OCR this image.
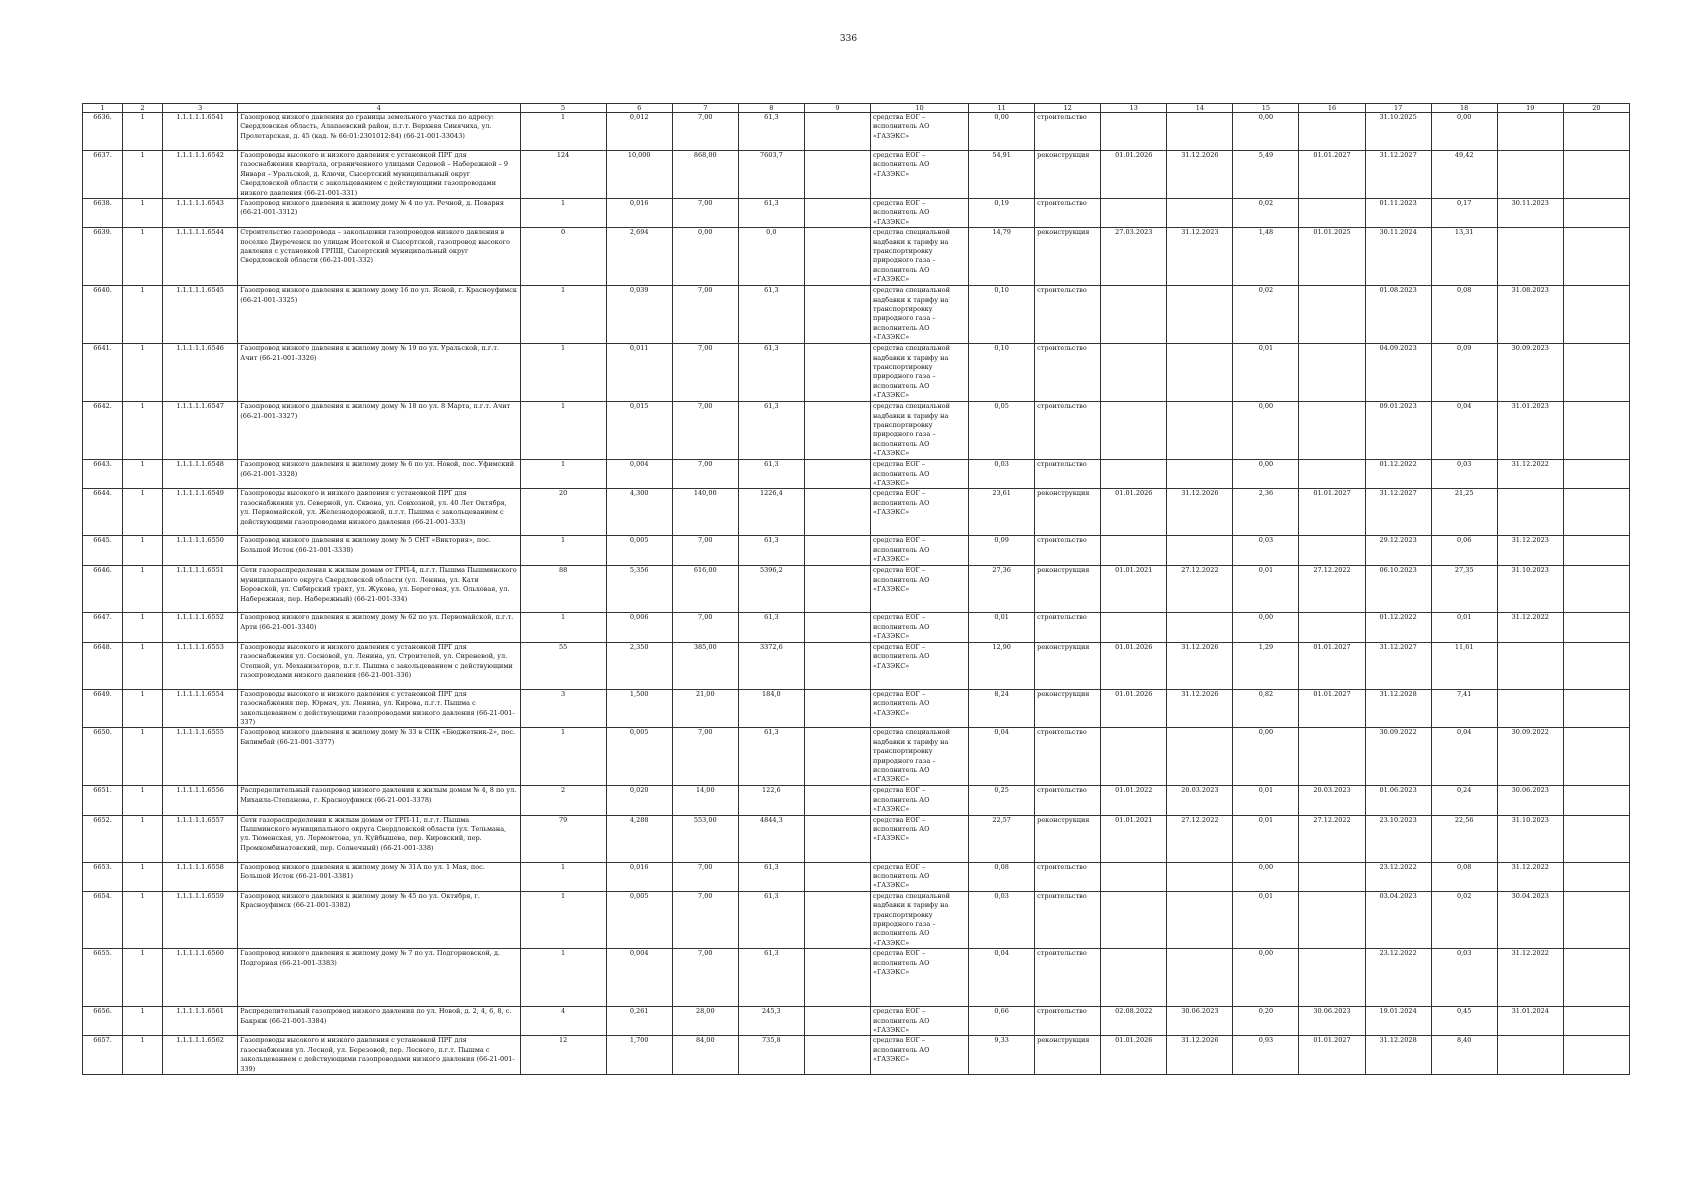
336
1	2	3	4	5	6	7	8	9	10	11	12	13	14	15	16	17	18	19	20
6636.	1	1.1.1.1.1.6541	Газопровод низкого давления до границы земельного участка по адресу: Свердловская область, Алапаевский район, п.г.т. Верхняя Синячиха, ул. Пролетарская, д. 45 (кад. № 66:01:2301012:84) (66-21-001-33043)	1	0,012	7,00	61,3		средства ЕОГ – исполнитель АО «ГАЗЭКС»	0,00	строительство			0,00		31.10.2025	0,00		
6637.	1	1.1.1.1.1.6542	Газопроводы высокого и низкого давления с установкой ПРГ для газоснабжения квартала, ограниченного улицами Седовой – Набережной – 9 Января – Уральской, д. Ключи, Сысертский муниципальный округ Свердловской области с закольцеванием с действующими газопроводами низкого давления (66-21-001-331)	124	10,000	868,00	7603,7		средства ЕОГ – исполнитель АО «ГАЗЭКС»	54,91	реконструкция	01.01.2026	31.12.2026	5,49	01.01.2027	31.12.2027	49,42		
6638.	1	1.1.1.1.1.6543	Газопровод низкого давления к жилому дому № 4 по ул. Речной, д. Поварня (66-21-001-3312)	1	0,016	7,00	61,3		средства ЕОГ – исполнитель АО «ГАЗЭКС»	0,19	строительство			0,02		01.11.2023	0,17	30.11.2023	
6639.	1	1.1.1.1.1.6544	Строительство газопровода – закольцовки газопроводов низкого давления в поселке Двуреченск по улицам Исетской и Сысертской, газопровод высокого давления с установкой ГРПШ, Сысертский муниципальный округ Свердловской области (66-21-001-332)	0	2,694	0,00	0,0		средства специальной надбавки к тарифу на транспортировку природного газа – исполнитель АО «ГАЗЭКС»	14,79	реконструкция	27.03.2023	31.12.2023	1,48	01.01.2025	30.11.2024	13,31		
6640.	1	1.1.1.1.1.6545	Газопровод низкого давления к жилому дому 16 по ул. Ясной, г. Красноуфимск (66-21-001-3325)	1	0,039	7,00	61,3		средства специальной надбавки к тарифу на транспортировку природного газа – исполнитель АО «ГАЗЭКС»	0,10	строительство			0,02		01.08.2023	0,08	31.08.2023	
6641.	1	1.1.1.1.1.6546	Газопровод низкого давления к жилому дому № 19 по ул. Уральской, п.г.т. Ачит (66-21-001-3326)	1	0,011	7,00	61,3		средства специальной надбавки к тарифу на транспортировку природного газа – исполнитель АО «ГАЗЭКС»	0,10	строительство			0,01		04.09.2023	0,09	30.09.2023	
6642.	1	1.1.1.1.1.6547	Газопровод низкого давления к жилому дому № 18 по ул. 8 Марта, п.г.т. Ачит (66-21-001-3327)	1	0,015	7,00	61,3		средства специальной надбавки к тарифу на транспортировку природного газа – исполнитель АО «ГАЗЭКС»	0,05	строительство			0,00		09.01.2023	0,04	31.01.2023	
6643.	1	1.1.1.1.1.6548	Газопровод низкого давления к жилому дому № 6 по ул. Новой, пос. Уфимский (66-21-001-3328)	1	0,004	7,00	61,3		средства ЕОГ – исполнитель АО «ГАЗЭКС»	0,03	строительство			0,00		01.12.2022	0,03	31.12.2022	
6644.	1	1.1.1.1.1.6549	Газопроводы высокого и низкого давления с установкой ПРГ для газоснабжения ул. Северной, ул. Сквона, ул. Совхозной, ул. 40 Лет Октября, ул. Первомайской, ул. Железнодорожной, п.г.т. Пышма с закольцеванием с действующими газопроводами низкого давления (66-21-001-333)	20	4,300	140,00	1226,4		средства ЕОГ – исполнитель АО «ГАЗЭКС»	23,61	реконструкция	01.01.2026	31.12.2026	2,36	01.01.2027	31.12.2027	21,25		
6645.	1	1.1.1.1.1.6550	Газопровод низкого давления к жилому дому № 5 СНТ «Виктория», пос. Большой Исток (66-21-001-3330)	1	0,005	7,00	61,3		средства ЕОГ – исполнитель АО «ГАЗЭКС»	0,09	строительство			0,03		29.12.2023	0,06	31.12.2023	
6646.	1	1.1.1.1.1.6551	Сети газораспределения к жилым домам от ГРП-4, п.г.т. Пышма Пышминского муниципального округа Свердловской области (ул. Ленина, ул. Кати Боровской, ул. Сибирский тракт, ул. Жукова, ул. Береговая, ул. Ольховая, ул. Набережная, пер. Набережный) (66-21-001-334)	88	5,356	616,00	5396,2		средства ЕОГ – исполнитель АО «ГАЗЭКС»	27,36	реконструкция	01.01.2021	27.12.2022	0,01	27.12.2022	06.10.2023	27,35	31.10.2023	
6647.	1	1.1.1.1.1.6552	Газопровод низкого давления к жилому дому № 62 по ул. Первомайской, п.г.т. Арти (66-21-001-3340)	1	0,006	7,00	61,3		средства ЕОГ – исполнитель АО «ГАЗЭКС»	0,01	строительство			0,00		01.12.2022	0,01	31.12.2022	
6648.	1	1.1.1.1.1.6553	Газопроводы высокого и низкого давления с установкой ПРГ для газоснабжения ул. Сосновой, ул. Ленина, ул. Строителей, ул. Сиреневой, ул. Степной, ул. Механизаторов, п.г.т. Пышма с закольцеванием с действующими газопроводами низкого давления (66-21-001-336)	55	2,350	385,00	3372,6		средства ЕОГ – исполнитель АО «ГАЗЭКС»	12,90	реконструкция	01.01.2026	31.12.2026	1,29	01.01.2027	31.12.2027	11,61		
6649.	1	1.1.1.1.1.6554	Газопроводы высокого и низкого давления с установкой ПРГ для газоснабжения пер. Юрмач, ул. Ленина, ул. Кирова, п.г.т. Пышма с закольцеванием с действующими газопроводами низкого давления (66-21-001-337)	3	1,500	21,00	184,0		средства ЕОГ – исполнитель АО «ГАЗЭКС»	8,24	реконструкция	01.01.2026	31.12.2026	0,82	01.01.2027	31.12.2028	7,41		
6650.	1	1.1.1.1.1.6555	Газопровод низкого давления к жилому дому № 33 в СПК «Бюджетник-2», пос. Билимбай (66-21-001-3377)	1	0,005	7,00	61,3		средства специальной надбавки к тарифу на транспортировку природного газа – исполнитель АО «ГАЗЭКС»	0,04	строительство			0,00		30.09.2022	0,04	30.09.2022	
6651.	1	1.1.1.1.1.6556	Распределительный газопровод низкого давления к жилым домам № 4, 8 по ул. Михаила-Степанова, г. Красноуфимск (66-21-001-3378)	2	0,020	14,00	122,6		средства ЕОГ – исполнитель АО «ГАЗЭКС»	0,25	строительство	01.01.2022	20.03.2023	0,01	20.03.2023	01.06.2023	0,24	30.06.2023	
6652.	1	1.1.1.1.1.6557	Сети газораспределения к жилым домам от ГРП-11, п.г.т. Пышма Пышминского муниципального округа Свердловской области (ул. Тельмана, ул. Тюменская, ул. Лермонтова, ул. Куйбышева, пер. Кировский, пер. Промкомбинатовский, пер. Солнечный) (66-21-001-338)	79	4,288	553,00	4844,3		средства ЕОГ – исполнитель АО «ГАЗЭКС»	22,57	реконструкция	01.01.2021	27.12.2022	0,01	27.12.2022	23.10.2023	22,56	31.10.2023	
6653.	1	1.1.1.1.1.6558	Газопровод низкого давления к жилому дому № 31А по ул. 1 Мая, пос. Большой Исток (66-21-001-3381)	1	0,016	7,00	61,3		средства ЕОГ – исполнитель АО «ГАЗЭКС»	0,08	строительство			0,00		23.12.2022	0,08	31.12.2022	
6654.	1	1.1.1.1.1.6559	Газопровод низкого давления к жилому дому № 45 по ул. Октября, г. Красноуфимск (66-21-001-3382)	1	0,005	7,00	61,3		средства специальной надбавки к тарифу на транспортировку природного газа – исполнитель АО «ГАЗЭКС»	0,03	строительство			0,01		03.04.2023	0,02	30.04.2023	
6655.	1	1.1.1.1.1.6560	Газопровод низкого давления к жилому дому № 7 по ул. Подгорновской, д. Подгорная (66-21-001-3383)	1	0,004	7,00	61,3		средства ЕОГ – исполнитель АО «ГАЗЭКС»	0,04	строительство			0,00		23.12.2022	0,03	31.12.2022	
6656.	1	1.1.1.1.1.6561	Распределительный газопровод низкого давления по ул. Новой, д. 2, 4, 6, 8, с. Бакряж (66-21-001-3384)	4	0,261	28,00	245,3		средства ЕОГ – исполнитель АО «ГАЗЭКС»	0,66	строительство	02.08.2022	30.06.2023	0,20	30.06.2023	19.01.2024	0,45	31.01.2024	
6657.	1	1.1.1.1.1.6562	Газопроводы высокого и низкого давления с установкой ПРГ для газоснабжения ул. Лесной, ул. Березовой, пер. Лесного, п.г.т. Пышма с закольцеванием с действующими газопроводами низкого давления (66-21-001-339)	12	1,700	84,00	735,8		средства ЕОГ – исполнитель АО «ГАЗЭКС»	9,33	реконструкция	01.01.2026	31.12.2026	0,93	01.01.2027	31.12.2028	8,40		
